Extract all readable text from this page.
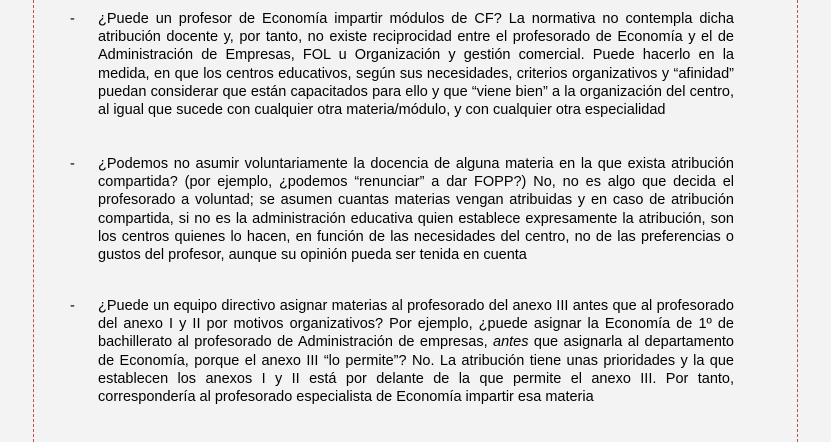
- ¿Puede un profesor de Economía impartir módulos de CF? La normativa no contempla dicha atribución docente y, por tanto, no existe reciprocidad entre el profesorado de Economía y el de Administración de Empresas, FOL u Organización y gestión comercial. Puede hacerlo en la medida, en que los centros educativos, según sus necesidades, criterios organizativos y “afinidad” puedan considerar que están capacitados para ello y que “viene bien” a la organización del centro, al igual que sucede con cualquier otra materia/módulo, y con cualquier otra especialidad
- ¿Podemos no asumir voluntariamente la docencia de alguna materia en la que exista atribución compartida? (por ejemplo, ¿podemos “renunciar” a dar FOPP?) No, no es algo que decida el profesorado a voluntad; se asumen cuantas materias vengan atribuidas y en caso de atribución compartida, si no es la administración educativa quien establece expresamente la atribución, son los centros quienes lo hacen, en función de las necesidades del centro, no de las preferencias o gustos del profesor, aunque su opinión pueda ser tenida en cuenta
- ¿Puede un equipo directivo asignar materias al profesorado del anexo III antes que al profesorado del anexo I y II por motivos organizativos? Por ejemplo, ¿puede asignar la Economía de 1º de bachillerato al profesorado de Administración de empresas, antes que asignarla al departamento de Economía, porque el anexo III “lo permite”? No. La atribución tiene unas prioridades y la que establecen los anexos I y II está por delante de la que permite el anexo III. Por tanto, correspondería al profesorado especialista de Economía impartir esa materia
